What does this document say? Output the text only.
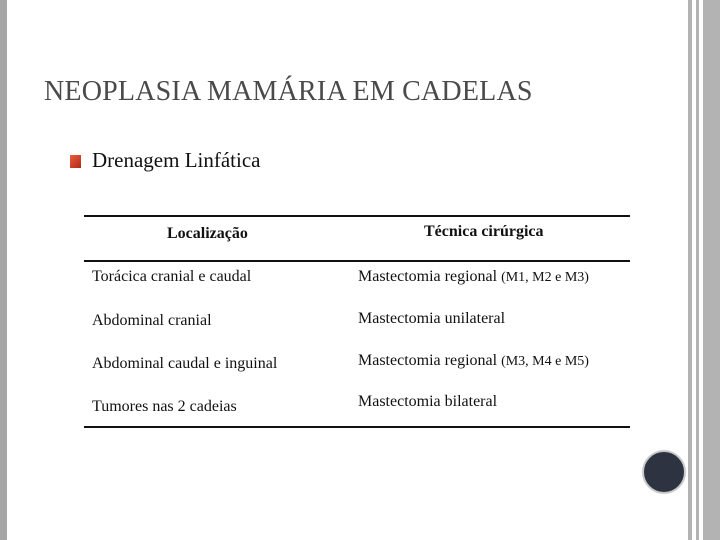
NEOPLASIA MAMÁRIA EM CADELAS
Drenagem Linfática
Localização	Técnica cirúrgica
Torácica cranial e caudal	Mastectomia regional (M1, M2 e M3)
Abdominal cranial	Mastectomia unilateral
Abdominal caudal e inguinal	Mastectomia regional (M3, M4 e M5)
Tumores nas 2 cadeias	Mastectomia bilateral
